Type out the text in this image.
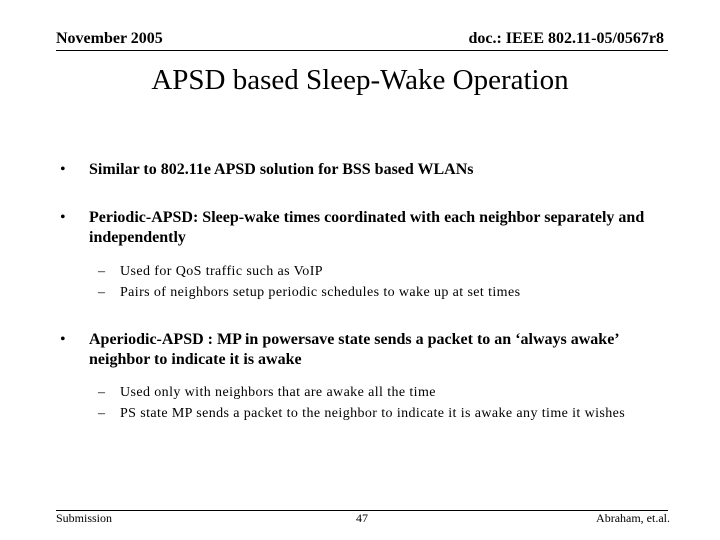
November 2005	doc.: IEEE 802.11-05/0567r8
APSD based Sleep-Wake Operation
• Similar to 802.11e APSD solution for BSS based WLANs
• Periodic-APSD: Sleep-wake times coordinated with each neighbor separately and independently
– Used for QoS traffic such as VoIP
– Pairs of neighbors setup periodic schedules to wake up at set times
• Aperiodic-APSD : MP in powersave state sends a packet to an ‘always awake’ neighbor to indicate it is awake
– Used only with neighbors that are awake all the time
– PS state MP sends a packet to the neighbor to indicate it is awake any time it wishes
Submission	47	Abraham, et.al.
